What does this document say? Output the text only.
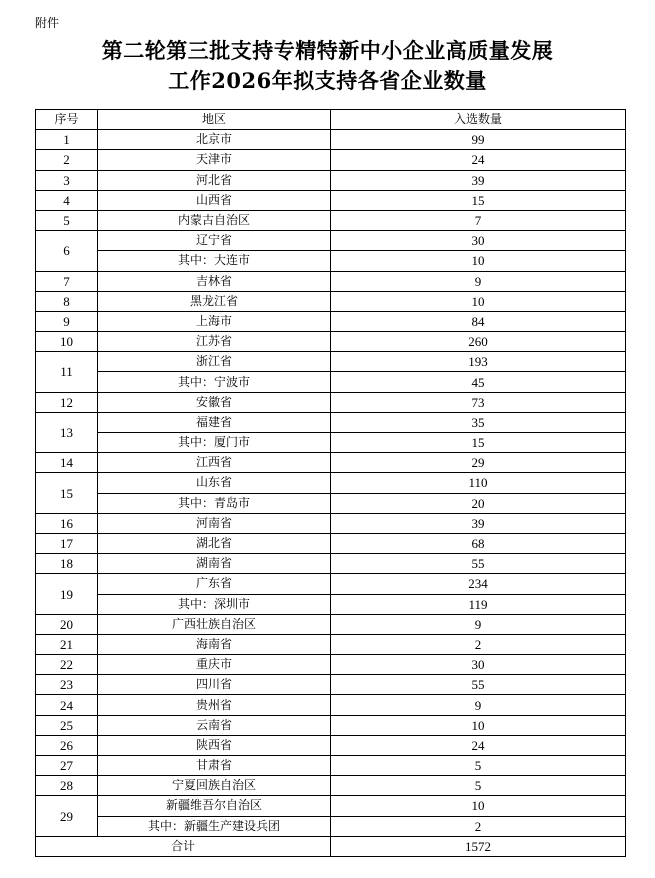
附件
第二轮第三批支持专精特新中小企业高质量发展
工作2026年拟支持各省企业数量
序号	地区	入选数量
1	北京市	99
2	天津市	24
3	河北省	39
4	山西省	15
5	内蒙古自治区	7
6	辽宁省	30
	其中：大连市	10
7	吉林省	9
8	黑龙江省	10
9	上海市	84
10	江苏省	260
11	浙江省	193
	其中：宁波市	45
12	安徽省	73
13	福建省	35
	其中：厦门市	15
14	江西省	29
15	山东省	110
	其中：青岛市	20
16	河南省	39
17	湖北省	68
18	湖南省	55
19	广东省	234
	其中：深圳市	119
20	广西壮族自治区	9
21	海南省	2
22	重庆市	30
23	四川省	55
24	贵州省	9
25	云南省	10
26	陕西省	24
27	甘肃省	5
28	宁夏回族自治区	5
29	新疆维吾尔自治区	10
	其中：新疆生产建设兵团	2
合计		1572
